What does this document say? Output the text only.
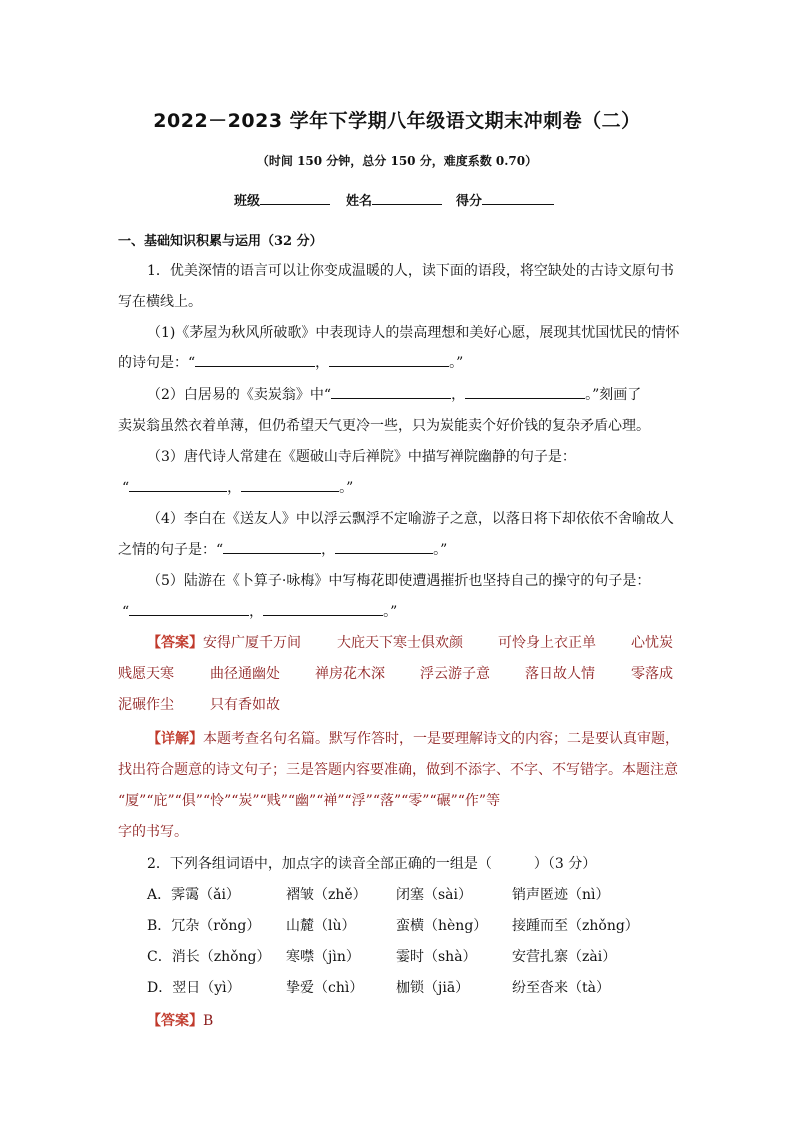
2022－2023 学年下学期八年级语文期末冲刺卷（二）
（时间 150 分钟，总分 150 分，难度系数 0.70）
班级	姓名	得分
一、基础知识积累与运用（32 分）
1．优美深情的语言可以让你变成温暖的人，读下面的语段，将空缺处的古诗文原句书
写在横线上。
（1)《茅屋为秋风所破歌》中表现诗人的崇高理想和美好心愿，展现其忧国忧民的情怀
的诗句是：“	，	。”
（2）白居易的《卖炭翁》中“	，	。”刻画了
卖炭翁虽然衣着单薄，但仍希望天气更冷一些，只为炭能卖个好价钱的复杂矛盾心理。
（3）唐代诗人常建在《题破山寺后禅院》中描写禅院幽静的句子是：
“	，	。”
（4）李白在《送友人》中以浮云飘浮不定喻游子之意，以落日将下却依依不舍喻故人
之情的句子是：“	，	。”
（5）陆游在《卜算子·咏梅》中写梅花即使遭遇摧折也坚持自己的操守的句子是：
“	，	。”
【答案】安得广厦千万间	大庇天下寒士俱欢颜	可怜身上衣正单	心忧炭
贱愿天寒	曲径通幽处	禅房花木深	浮云游子意	落日故人情	零落成
泥碾作尘	只有香如故
【详解】本题考查名句名篇。默写作答时，一是要理解诗文的内容；二是要认真审题，
找出符合题意的诗文句子；三是答题内容要准确，做到不添字、不字、不写错字。本题注意
“厦”“庇”“俱”“怜”“炭”“贱”“幽”“禅”“浮”“落”“零”“碾”“作”等
字的书写。
2．下列各组词语中，加点字的读音全部正确的一组是（　　　）（3 分）
A．霁霭（ǎi）	褶皱（zhě） 闭塞（sài）	销声匿迹（nì）
B．冗杂（rǒng） 山麓（lù）	蛮横（hèng） 接踵而至（zhǒng）
C．消长（zhǒng） 寒噤（jìn）	霎时（shà）	安营扎寨（zài）
D．翌日（yì）	挚爱（chì） 枷锁（jiā）	纷至沓来（tà）
【答案】B
